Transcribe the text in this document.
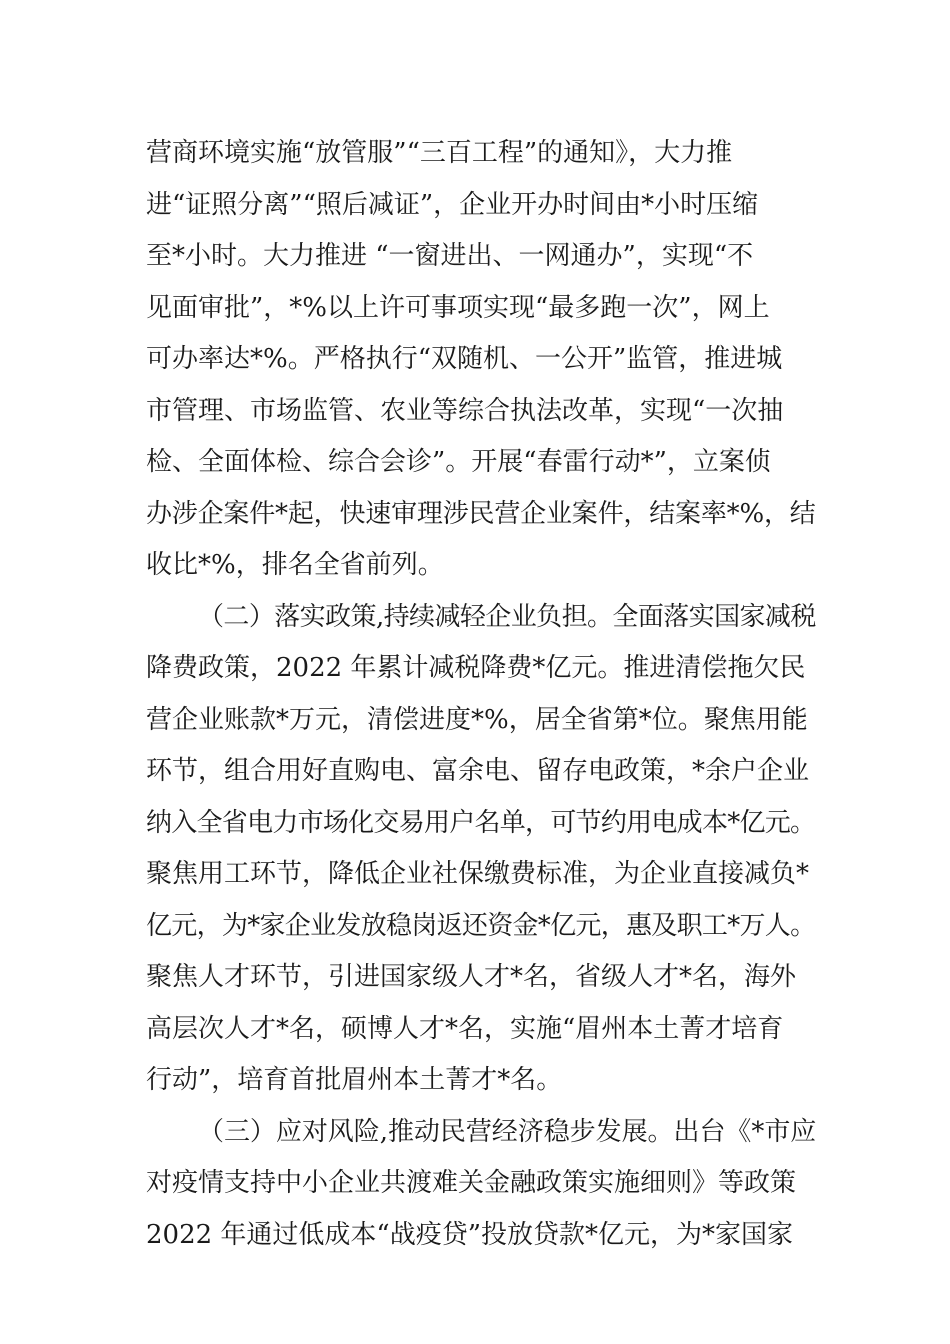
营商环境实施“放管服”“三百工程”的通知》，大力推
进“证照分离”“照后减证”，企业开办时间由*小时压缩
至*小时。大力推进 “一窗进出、一网通办”，实现“不
见面审批”，*%以上许可事项实现“最多跑一次”，网上
可办率达*%。严格执行“双随机、一公开”监管，推进城
市管理、市场监管、农业等综合执法改革，实现“一次抽
检、全面体检、综合会诊”。开展“春雷行动*”，立案侦
办涉企案件*起，快速审理涉民营企业案件，结案率*%，结
收比*%，排名全省前列。
（二）落实政策,持续减轻企业负担。全面落实国家减税
降费政策，2022 年累计减税降费*亿元。推进清偿拖欠民
营企业账款*万元，清偿进度*%，居全省第*位。聚焦用能
环节，组合用好直购电、富余电、留存电政策，*余户企业
纳入全省电力市场化交易用户名单，可节约用电成本*亿元。
聚焦用工环节，降低企业社保缴费标准，为企业直接减负*
亿元，为*家企业发放稳岗返还资金*亿元，惠及职工*万人。
聚焦人才环节，引进国家级人才*名，省级人才*名，海外
高层次人才*名，硕博人才*名，实施“眉州本土菁才培育
行动”，培育首批眉州本土菁才*名。
（三）应对风险,推动民营经济稳步发展。出台《*市应
对疫情支持中小企业共渡难关金融政策实施细则》等政策
2022 年通过低成本“战疫贷”投放贷款*亿元，为*家国家
